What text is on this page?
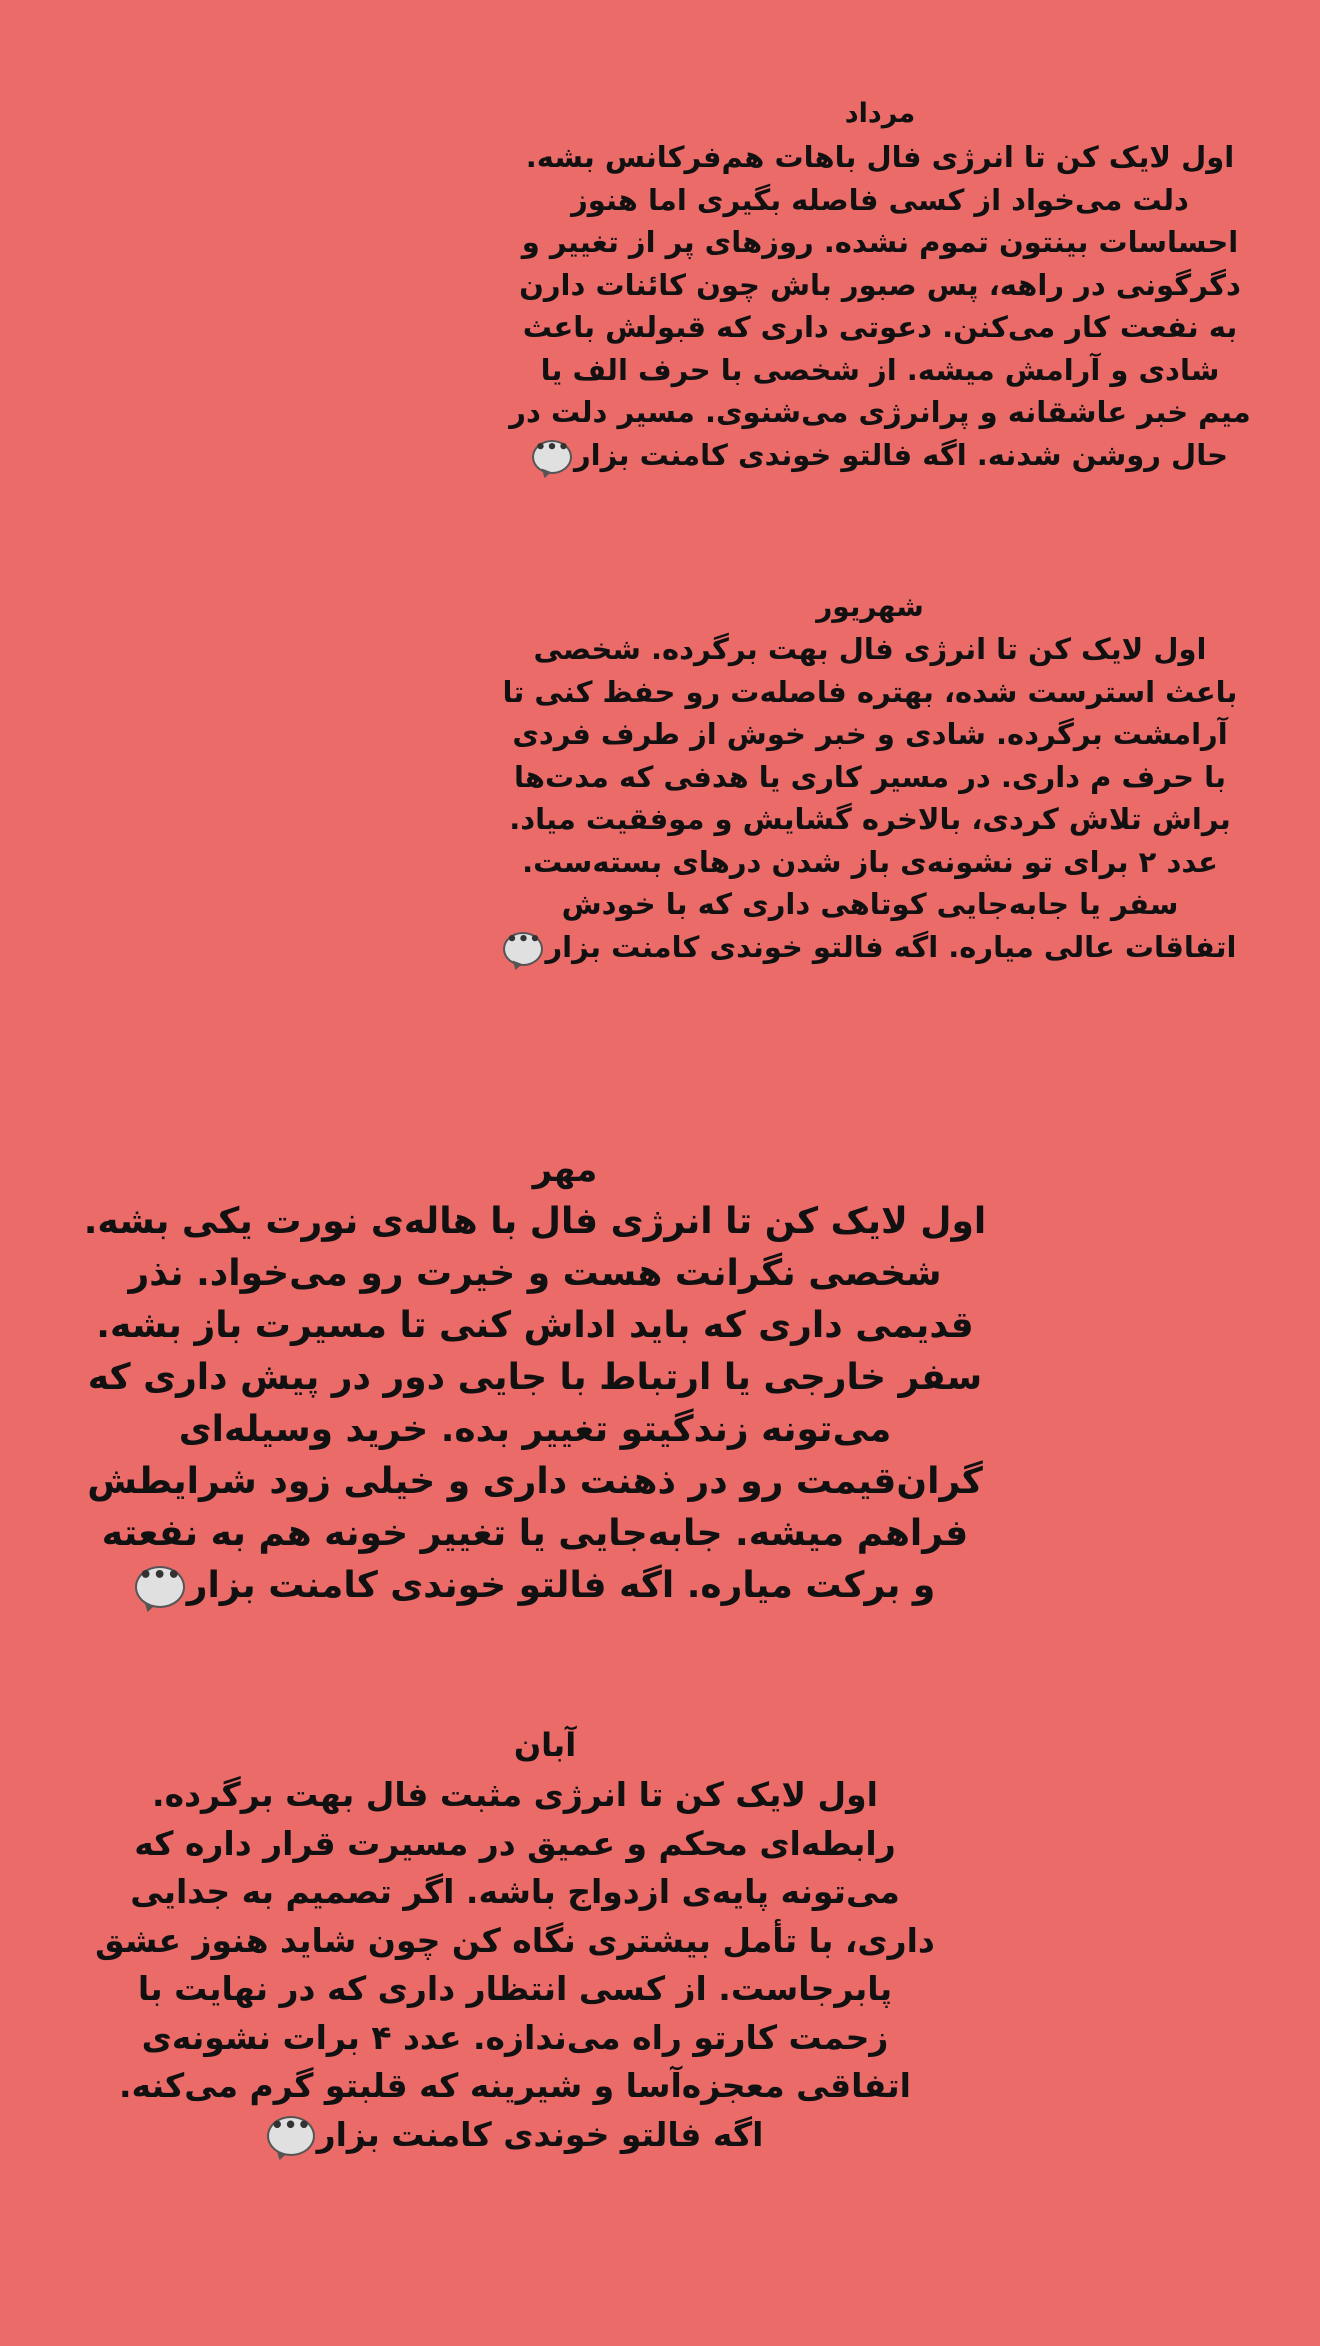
مرداد
اول لایک کن تا انرژی فال باهات هم‌فرکانس بشه.
دلت می‌خواد از کسی فاصله بگیری اما هنوز
احساسات بینتون تموم نشده. روزهای پر از تغییر و
دگرگونی در راهه، پس صبور باش چون کائنات دارن
به نفعت کار می‌کنن. دعوتی داری که قبولش باعث
شادی و آرامش میشه. از شخصی با حرف الف یا
میم خبر عاشقانه و پرانرژی می‌شنوی. مسیر دلت در
حال روشن شدنه. اگه فالتو خوندی کامنت بزار•••
شهریور
اول لایک کن تا انرژی فال بهت برگرده. شخصی
باعث استرست شده، بهتره فاصله‌ت رو حفظ کنی تا
آرامشت برگرده. شادی و خبر خوش از طرف فردی
با حرف م داری. در مسیر کاری یا هدفی که مدت‌ها
براش تلاش کردی، بالاخره گشایش و موفقیت میاد.
عدد ۲ برای تو نشونه‌ی باز شدن درهای بسته‌ست.
سفر یا جابه‌جایی کوتاهی داری که با خودش
اتفاقات عالی میاره. اگه فالتو خوندی کامنت بزار•••
مهر
اول لایک کن تا انرژی فال با هاله‌ی نورت یکی بشه.
شخصی نگرانت هست و خیرت رو می‌خواد. نذر
قدیمی داری که باید اداش کنی تا مسیرت باز بشه.
سفر خارجی یا ارتباط با جایی دور در پیش داری که
می‌تونه زندگیتو تغییر بده. خرید وسیله‌ای
گران‌قیمت رو در ذهنت داری و خیلی زود شرایطش
فراهم میشه. جابه‌جایی یا تغییر خونه هم به نفعته
و برکت میاره. اگه فالتو خوندی کامنت بزار•••
آبان
اول لایک کن تا انرژی مثبت فال بهت برگرده.
رابطه‌ای محکم و عمیق در مسیرت قرار داره که
می‌تونه پایه‌ی ازدواج باشه. اگر تصمیم به جدایی
داری، با تأمل بیشتری نگاه کن چون شاید هنوز عشق
پابرجاست. از کسی انتظار داری که در نهایت با
زحمت کارتو راه می‌ندازه. عدد ۴ برات نشونه‌ی
اتفاقی معجزه‌آسا و شیرینه که قلبتو گرم می‌کنه.
اگه فالتو خوندی کامنت بزار•••
